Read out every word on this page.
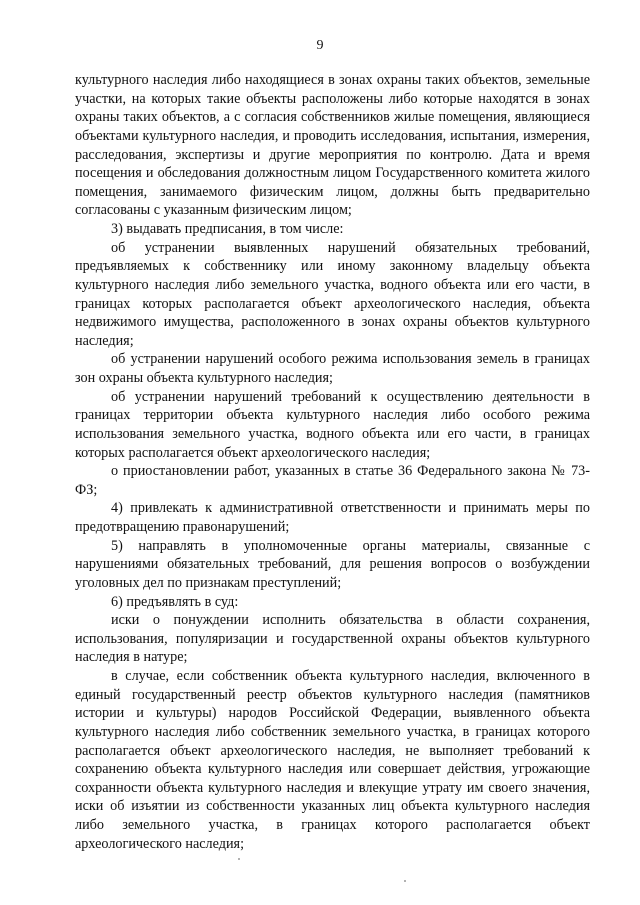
9

культурного наследия либо находящиеся в зонах охраны таких объектов, земельные участки, на которых такие объекты расположены либо которые находятся в зонах охраны таких объектов, а с согласия собственников жилые помещения, являющиеся объектами культурного наследия, и проводить исследования, испытания, измерения, расследования, экспертизы и другие мероприятия по контролю. Дата и время посещения и обследования должностным лицом Государственного комитета жилого помещения, занимаемого физическим лицом, должны быть предварительно согласованы с указанным физическим лицом;

3) выдавать предписания, в том числе:

об устранении выявленных нарушений обязательных требований, предъявляемых к собственнику или иному законному владельцу объекта культурного наследия либо земельного участка, водного объекта или его части, в границах которых располагается объект археологического наследия, объекта недвижимого имущества, расположенного в зонах охраны объектов культурного наследия;

об устранении нарушений особого режима использования земель в границах зон охраны объекта культурного наследия;

об устранении нарушений требований к осуществлению деятельности в границах территории объекта культурного наследия либо особого режима использования земельного участка, водного объекта или его части, в границах которых располагается объект археологического наследия;

о приостановлении работ, указанных в статье 36 Федерального закона № 73-ФЗ;

4) привлекать к административной ответственности и принимать меры по предотвращению правонарушений;

5) направлять в уполномоченные органы материалы, связанные с нарушениями обязательных требований, для решения вопросов о возбуждении уголовных дел по признакам преступлений;

6) предъявлять в суд:

иски о понуждении исполнить обязательства в области сохранения, использования, популяризации и государственной охраны объектов культурного наследия в натуре;

в случае, если собственник объекта культурного наследия, включенного в единый государственный реестр объектов культурного наследия (памятников истории и культуры) народов Российской Федерации, выявленного объекта культурного наследия либо собственник земельного участка, в границах которого располагается объект археологического наследия, не выполняет требований к сохранению объекта культурного наследия или совершает действия, угрожающие сохранности объекта культурного наследия и влекущие утрату им своего значения, иски об изъятии из собственности указанных лиц объекта культурного наследия либо земельного участка, в границах которого располагается объект археологического наследия;
